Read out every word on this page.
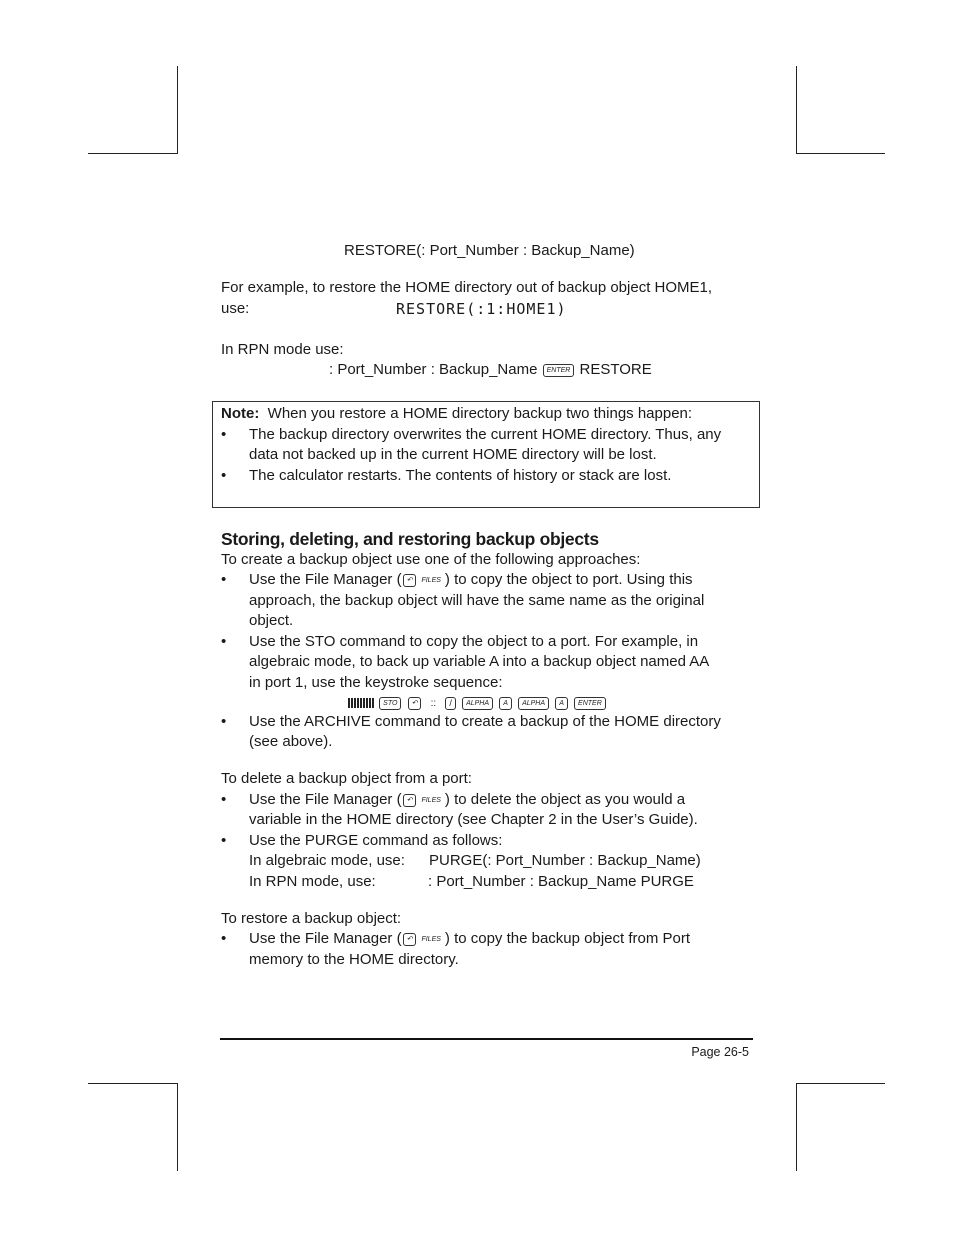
RESTORE(: Port_Number : Backup_Name)
For example, to restore the HOME directory out of backup object HOME1,
use:	RESTORE(:1:HOME1)
In RPN mode use:
: Port_Number : Backup_Name ENTER RESTORE
Note: When you restore a HOME directory backup two things happen:
• The backup directory overwrites the current HOME directory. Thus, any
data not backed up in the current HOME directory will be lost.
• The calculator restarts. The contents of history or stack are lost.
Storing, deleting, and restoring backup objects
To create a backup object use one of the following approaches:
• Use the File Manager ( ↶ FILES ) to copy the object to port. Using this
approach, the backup object will have the same name as the original
object.
• Use the STO command to copy the object to a port. For example, in
algebraic mode, to back up variable A into a backup object named AA
in port 1, use the keystroke sequence:
STO ↶ :: / ALPHA A ALPHA A ENTER
• Use the ARCHIVE command to create a backup of the HOME directory
(see above).
To delete a backup object from a port:
• Use the File Manager ( ↶ FILES ) to delete the object as you would a
variable in the HOME directory (see Chapter 2 in the User’s Guide).
• Use the PURGE command as follows:
In algebraic mode, use: PURGE(: Port_Number : Backup_Name)
In RPN mode, use:	: Port_Number : Backup_Name PURGE
To restore a backup object:
• Use the File Manager ( ↶ FILES ) to copy the backup object from Port
memory to the HOME directory.
Page 26-5
